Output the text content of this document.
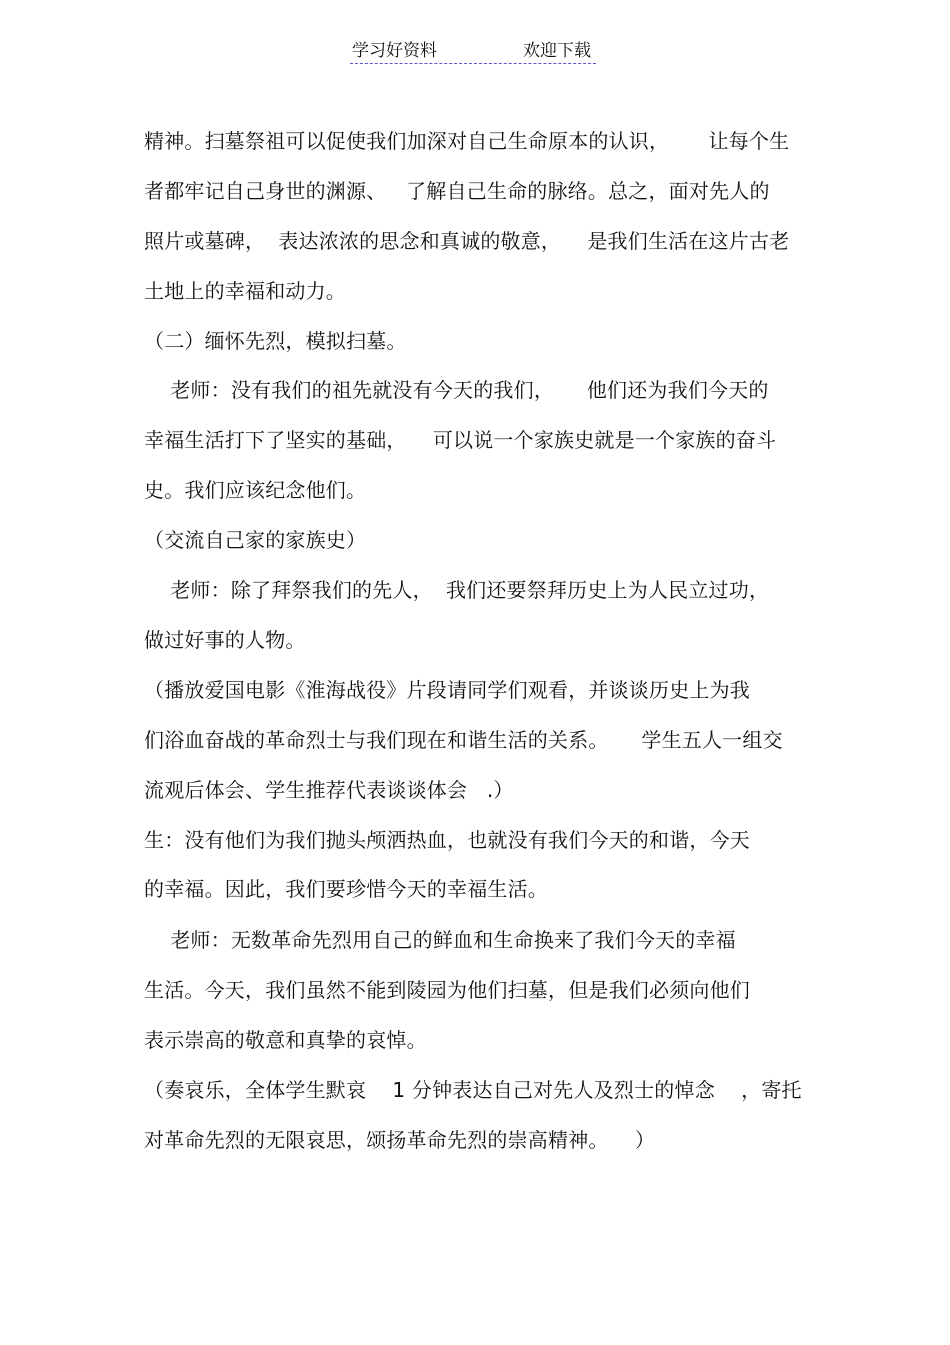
学习好资料	欢迎下载
精神。扫墓祭祖可以促使我们加深对自己生命原本的认识，      让每个生
者都牢记自己身世的渊源、   了解自己生命的脉络。总之，面对先人的
照片或墓碑，  表达浓浓的思念和真诚的敬意，    是我们生活在这片古老
土地上的幸福和动力。
（二）缅怀先烈，模拟扫墓。
老师：没有我们的祖先就没有今天的我们，     他们还为我们今天的
幸福生活打下了坚实的基础，    可以说一个家族史就是一个家族的奋斗
史。我们应该纪念他们。
（交流自己家的家族史）
老师：除了拜祭我们的先人，  我们还要祭拜历史上为人民立过功，
做过好事的人物。
（播放爱国电影《淮海战役》片段请同学们观看，并谈谈历史上为我
们浴血奋战的革命烈士与我们现在和谐生活的关系。     学生五人一组交
流观后体会、学生推荐代表谈谈体会   .）
生：没有他们为我们抛头颅洒热血，也就没有我们今天的和谐，今天
的幸福。因此，我们要珍惜今天的幸福生活。
老师：无数革命先烈用自己的鲜血和生命换来了我们今天的幸福
生活。今天，我们虽然不能到陵园为他们扫墓，但是我们必须向他们
表示崇高的敬意和真挚的哀悼。
（奏哀乐，全体学生默哀    1 分钟表达自己对先人及烈士的悼念    ，寄托
对革命先烈的无限哀思，颂扬革命先烈的崇高精神。    ）
